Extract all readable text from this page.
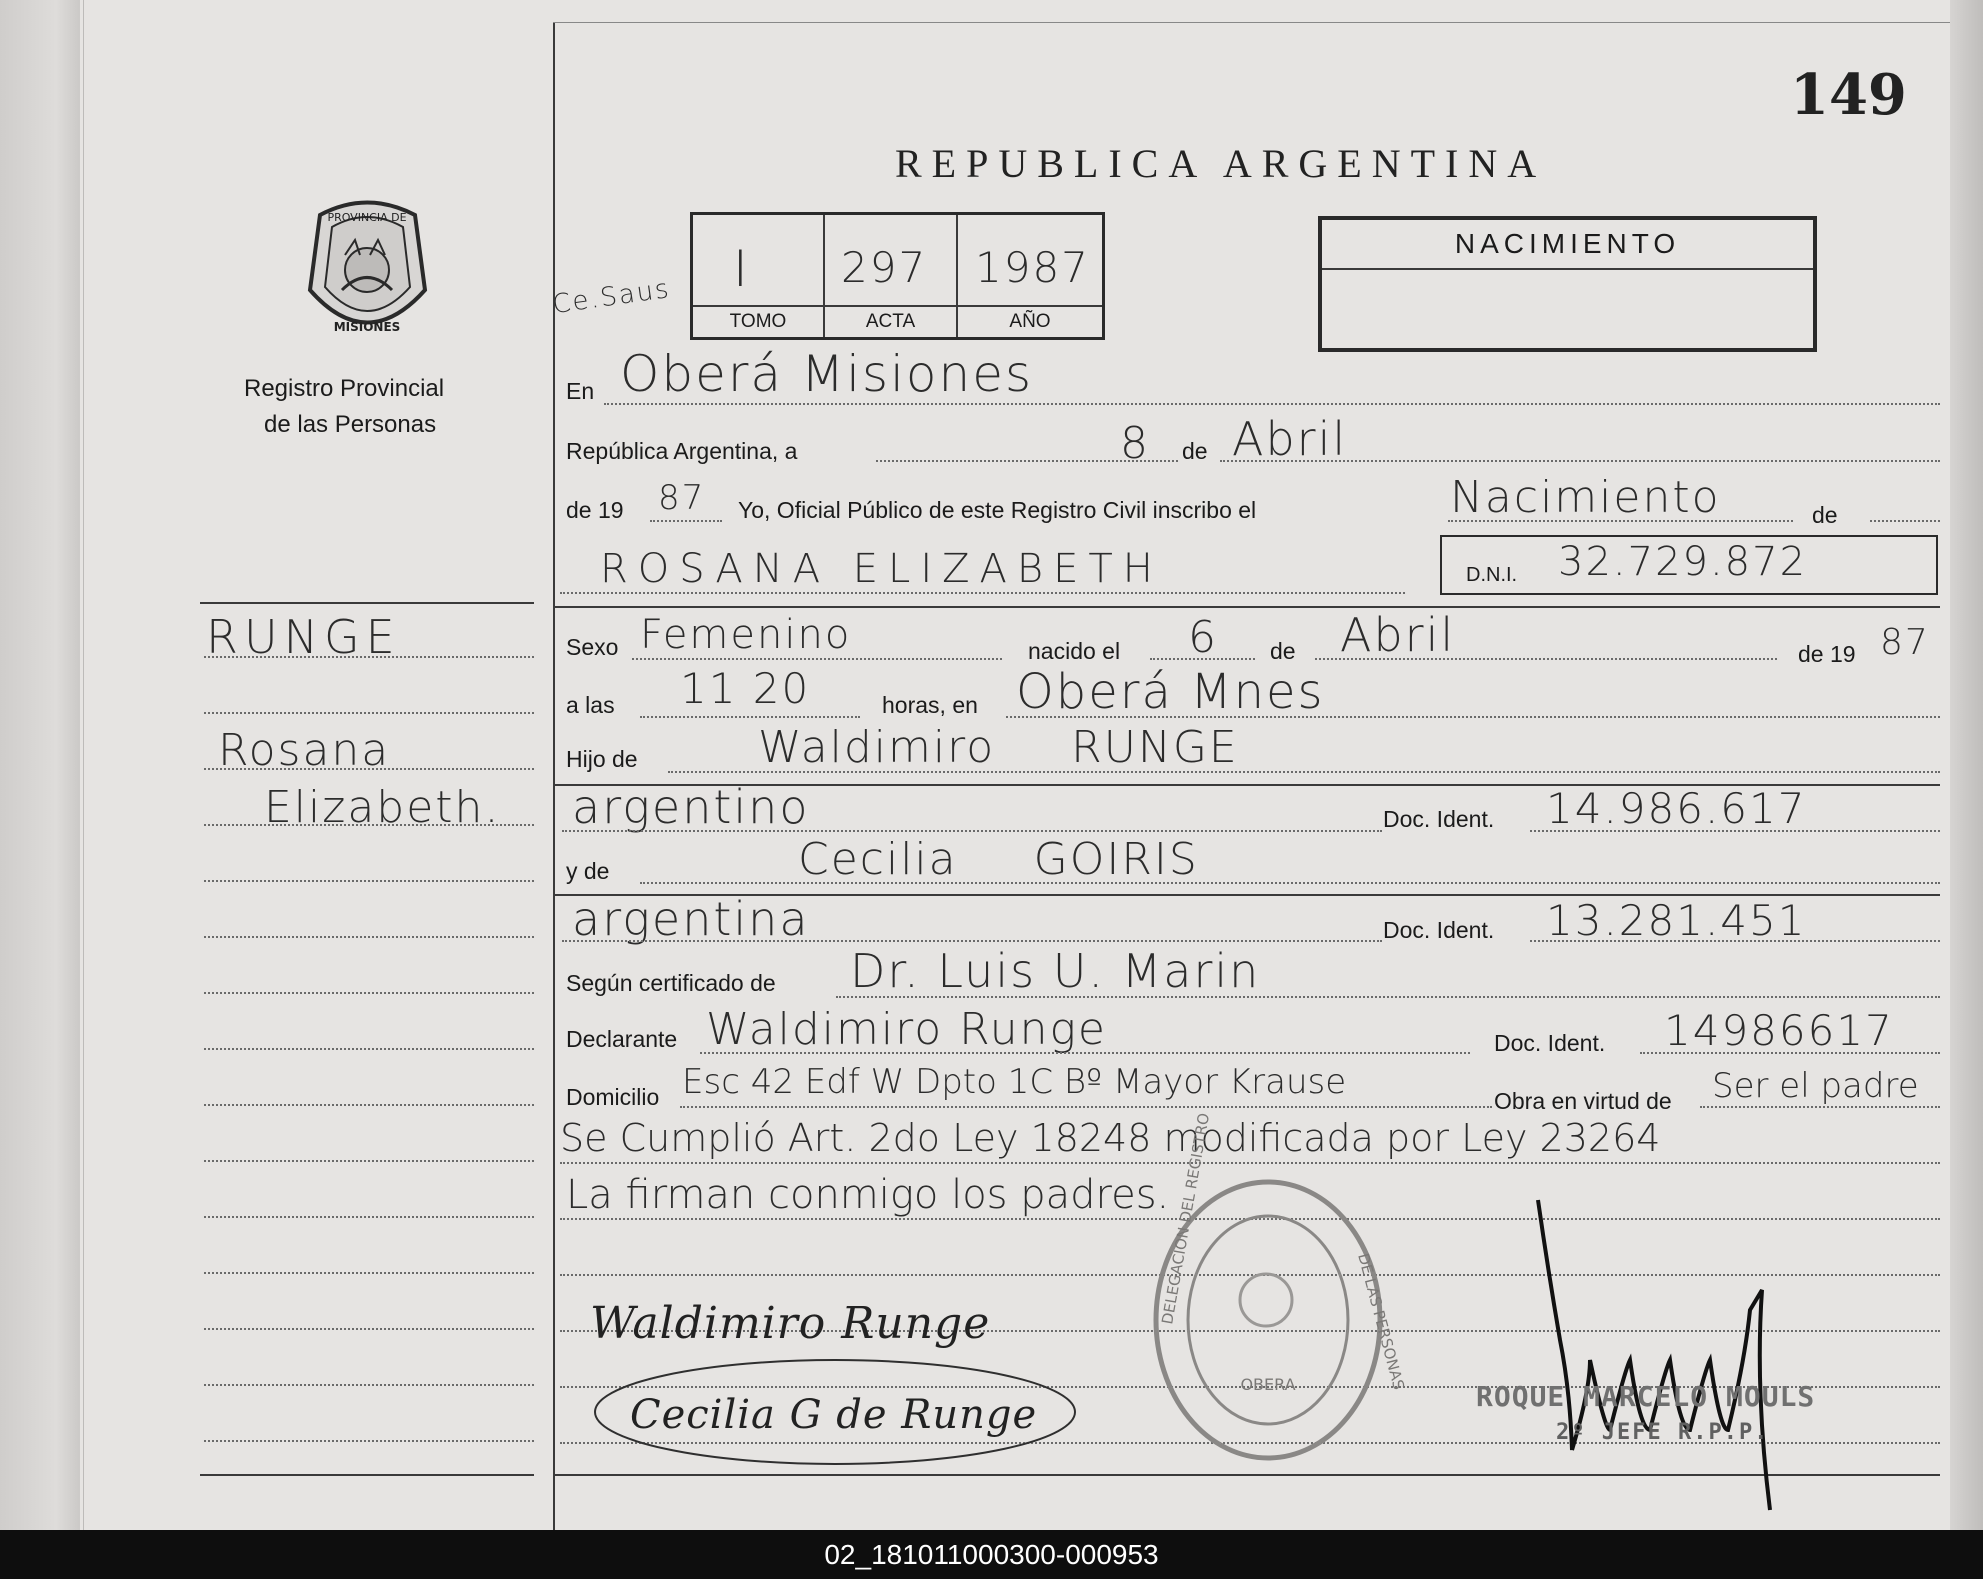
149
REPUBLICA ARGENTINA
PROVINCIA DE
MISIONES
Registro Provincial
de las Personas
I 297 1987
TOMO	ACTA	AÑO
Ce.Saus
NACIMIENTO
RUNGE
Rosana
Elizabeth.
En Oberá Misiones
República Argentina, a	8 de Abril
de 19 87 Yo, Oficial Público de este Registro Civil inscribo el	Nacimiento	de
ROSANA ELIZABETH	D.N.I. 32.729.872
Sexo Femenino	nacido el 6 de Abril	de 19 87
a las 11 20	horas, en Oberá Mnes
Hijo de	Waldimiro RUNGE
argentino	Doc. Ident. 14.986.617
y de	Cecilia GOIRIS
argentina	Doc. Ident. 13.281.451
Según certificado de Dr. Luis U. Marin
Declarante Waldimiro Runge	Doc. Ident. 14986617
Domicilio Esc 42 Edf W Dpto 1C Bº Mayor Krause	Obra en virtud de Ser el padre
Se Cumplió Art. 2do Ley 18248 modificada por Ley 23264
La firman conmigo los padres.
DELEGACION DEL REGISTRO	DE LAS PERSONAS
OBERA
Waldimiro Runge
Cecilia G de Runge	ROQUE MARCELO MOULS
2º JEFE R.P.P.
02_181011000300-000953
